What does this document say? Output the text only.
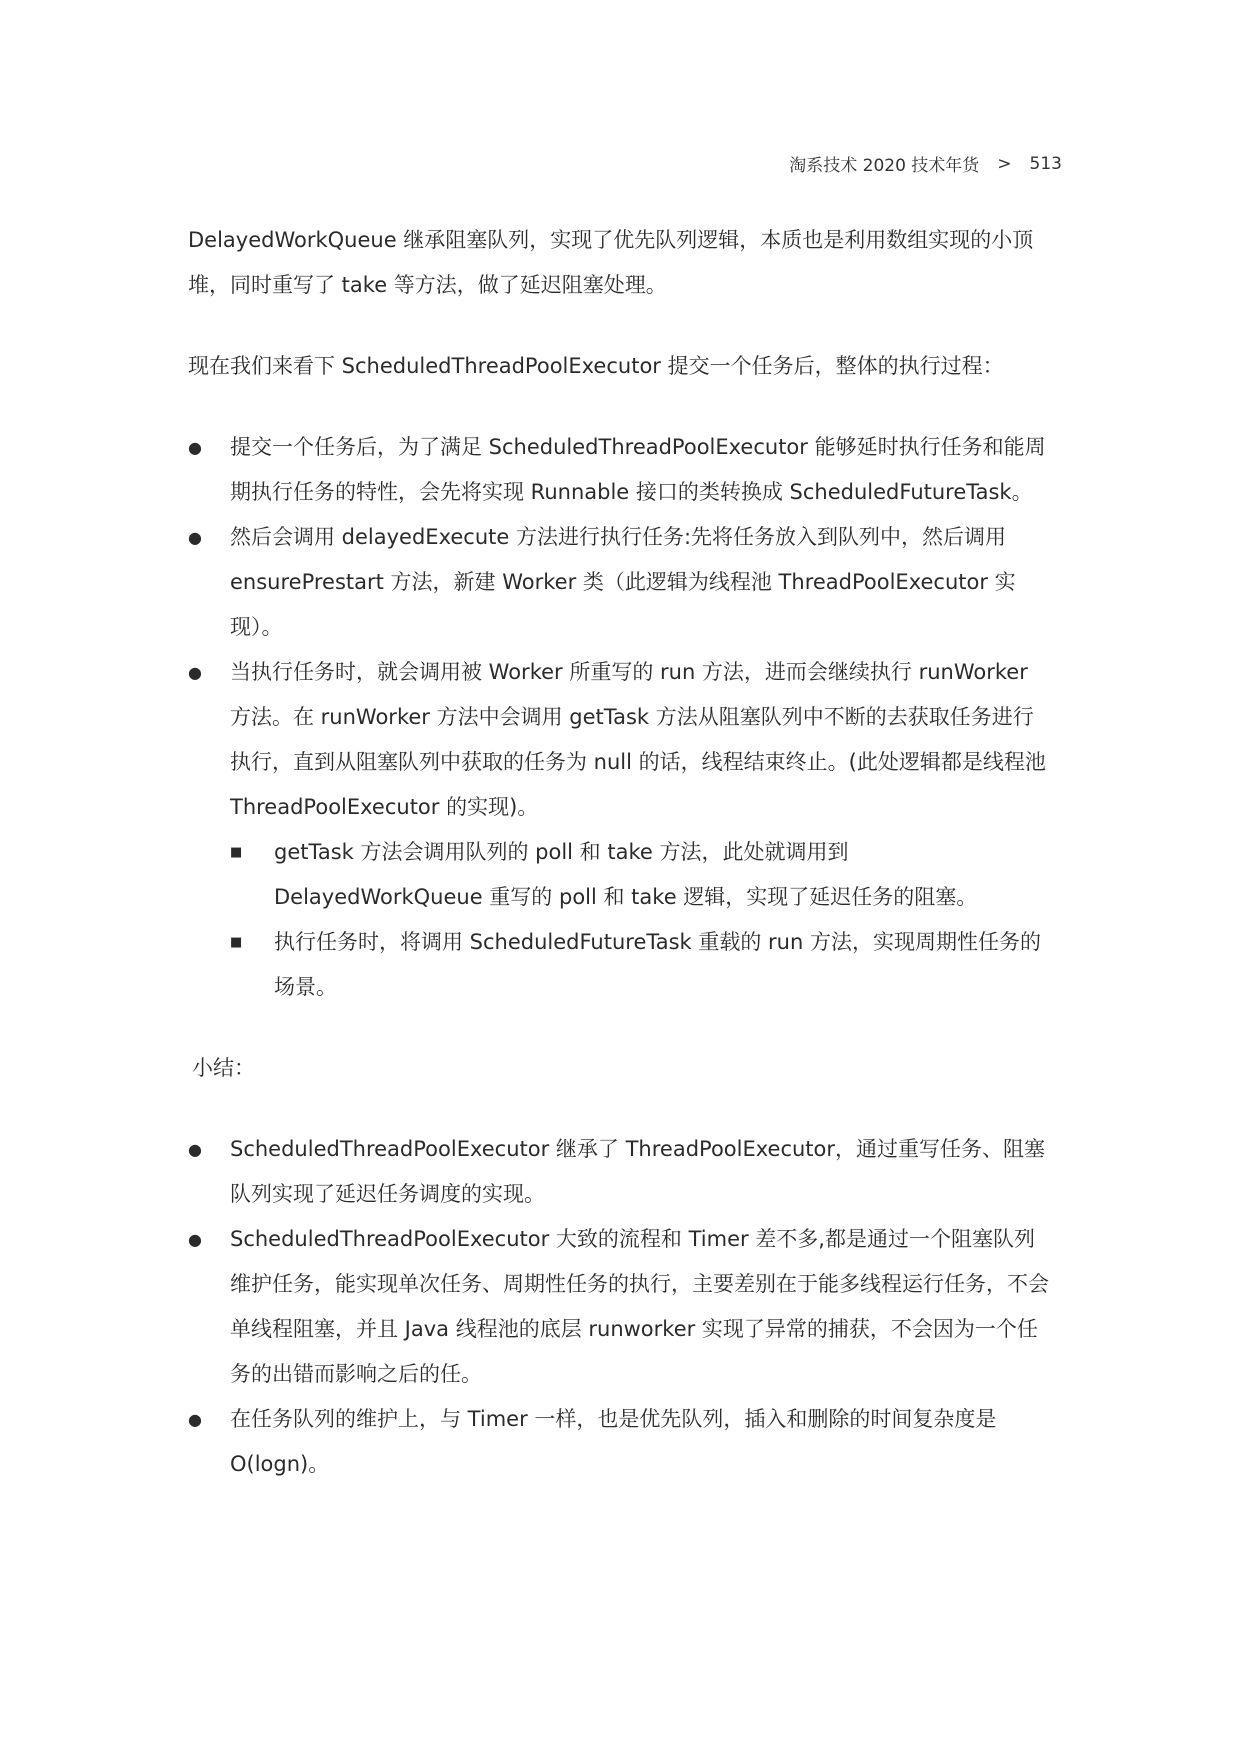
淘系技术 2020 技术年货 > 513

DelayedWorkQueue 继承阻塞队列，实现了优先队列逻辑，本质也是利用数组实现的小顶堆，同时重写了 take 等方法，做了延迟阻塞处理。

现在我们来看下 ScheduledThreadPoolExecutor 提交一个任务后，整体的执行过程：

● 提交一个任务后，为了满足 ScheduledThreadPoolExecutor 能够延时执行任务和能周期执行任务的特性，会先将实现 Runnable 接口的类转换成 ScheduledFutureTask。
● 然后会调用 delayedExecute 方法进行执行任务:先将任务放入到队列中，然后调用 ensurePrestart 方法，新建 Worker 类（此逻辑为线程池 ThreadPoolExecutor 实现）。
● 当执行任务时，就会调用被 Worker 所重写的 run 方法，进而会继续执行 runWorker 方法。在 runWorker 方法中会调用 getTask 方法从阻塞队列中不断的去获取任务进行执行，直到从阻塞队列中获取的任务为 null 的话，线程结束终止。(此处逻辑都是线程池 ThreadPoolExecutor 的实现)。
■ getTask 方法会调用队列的 poll 和 take 方法，此处就调用到 DelayedWorkQueue 重写的 poll 和 take 逻辑，实现了延迟任务的阻塞。
■ 执行任务时，将调用 ScheduledFutureTask 重载的 run 方法，实现周期性任务的场景。

小结：

● ScheduledThreadPoolExecutor 继承了 ThreadPoolExecutor，通过重写任务、阻塞队列实现了延迟任务调度的实现。
● ScheduledThreadPoolExecutor 大致的流程和 Timer 差不多,都是通过一个阻塞队列维护任务，能实现单次任务、周期性任务的执行，主要差别在于能多线程运行任务，不会单线程阻塞，并且 Java 线程池的底层 runworker 实现了异常的捕获，不会因为一个任务的出错而影响之后的任。
● 在任务队列的维护上，与 Timer 一样，也是优先队列，插入和删除的时间复杂度是 O(logn)。
